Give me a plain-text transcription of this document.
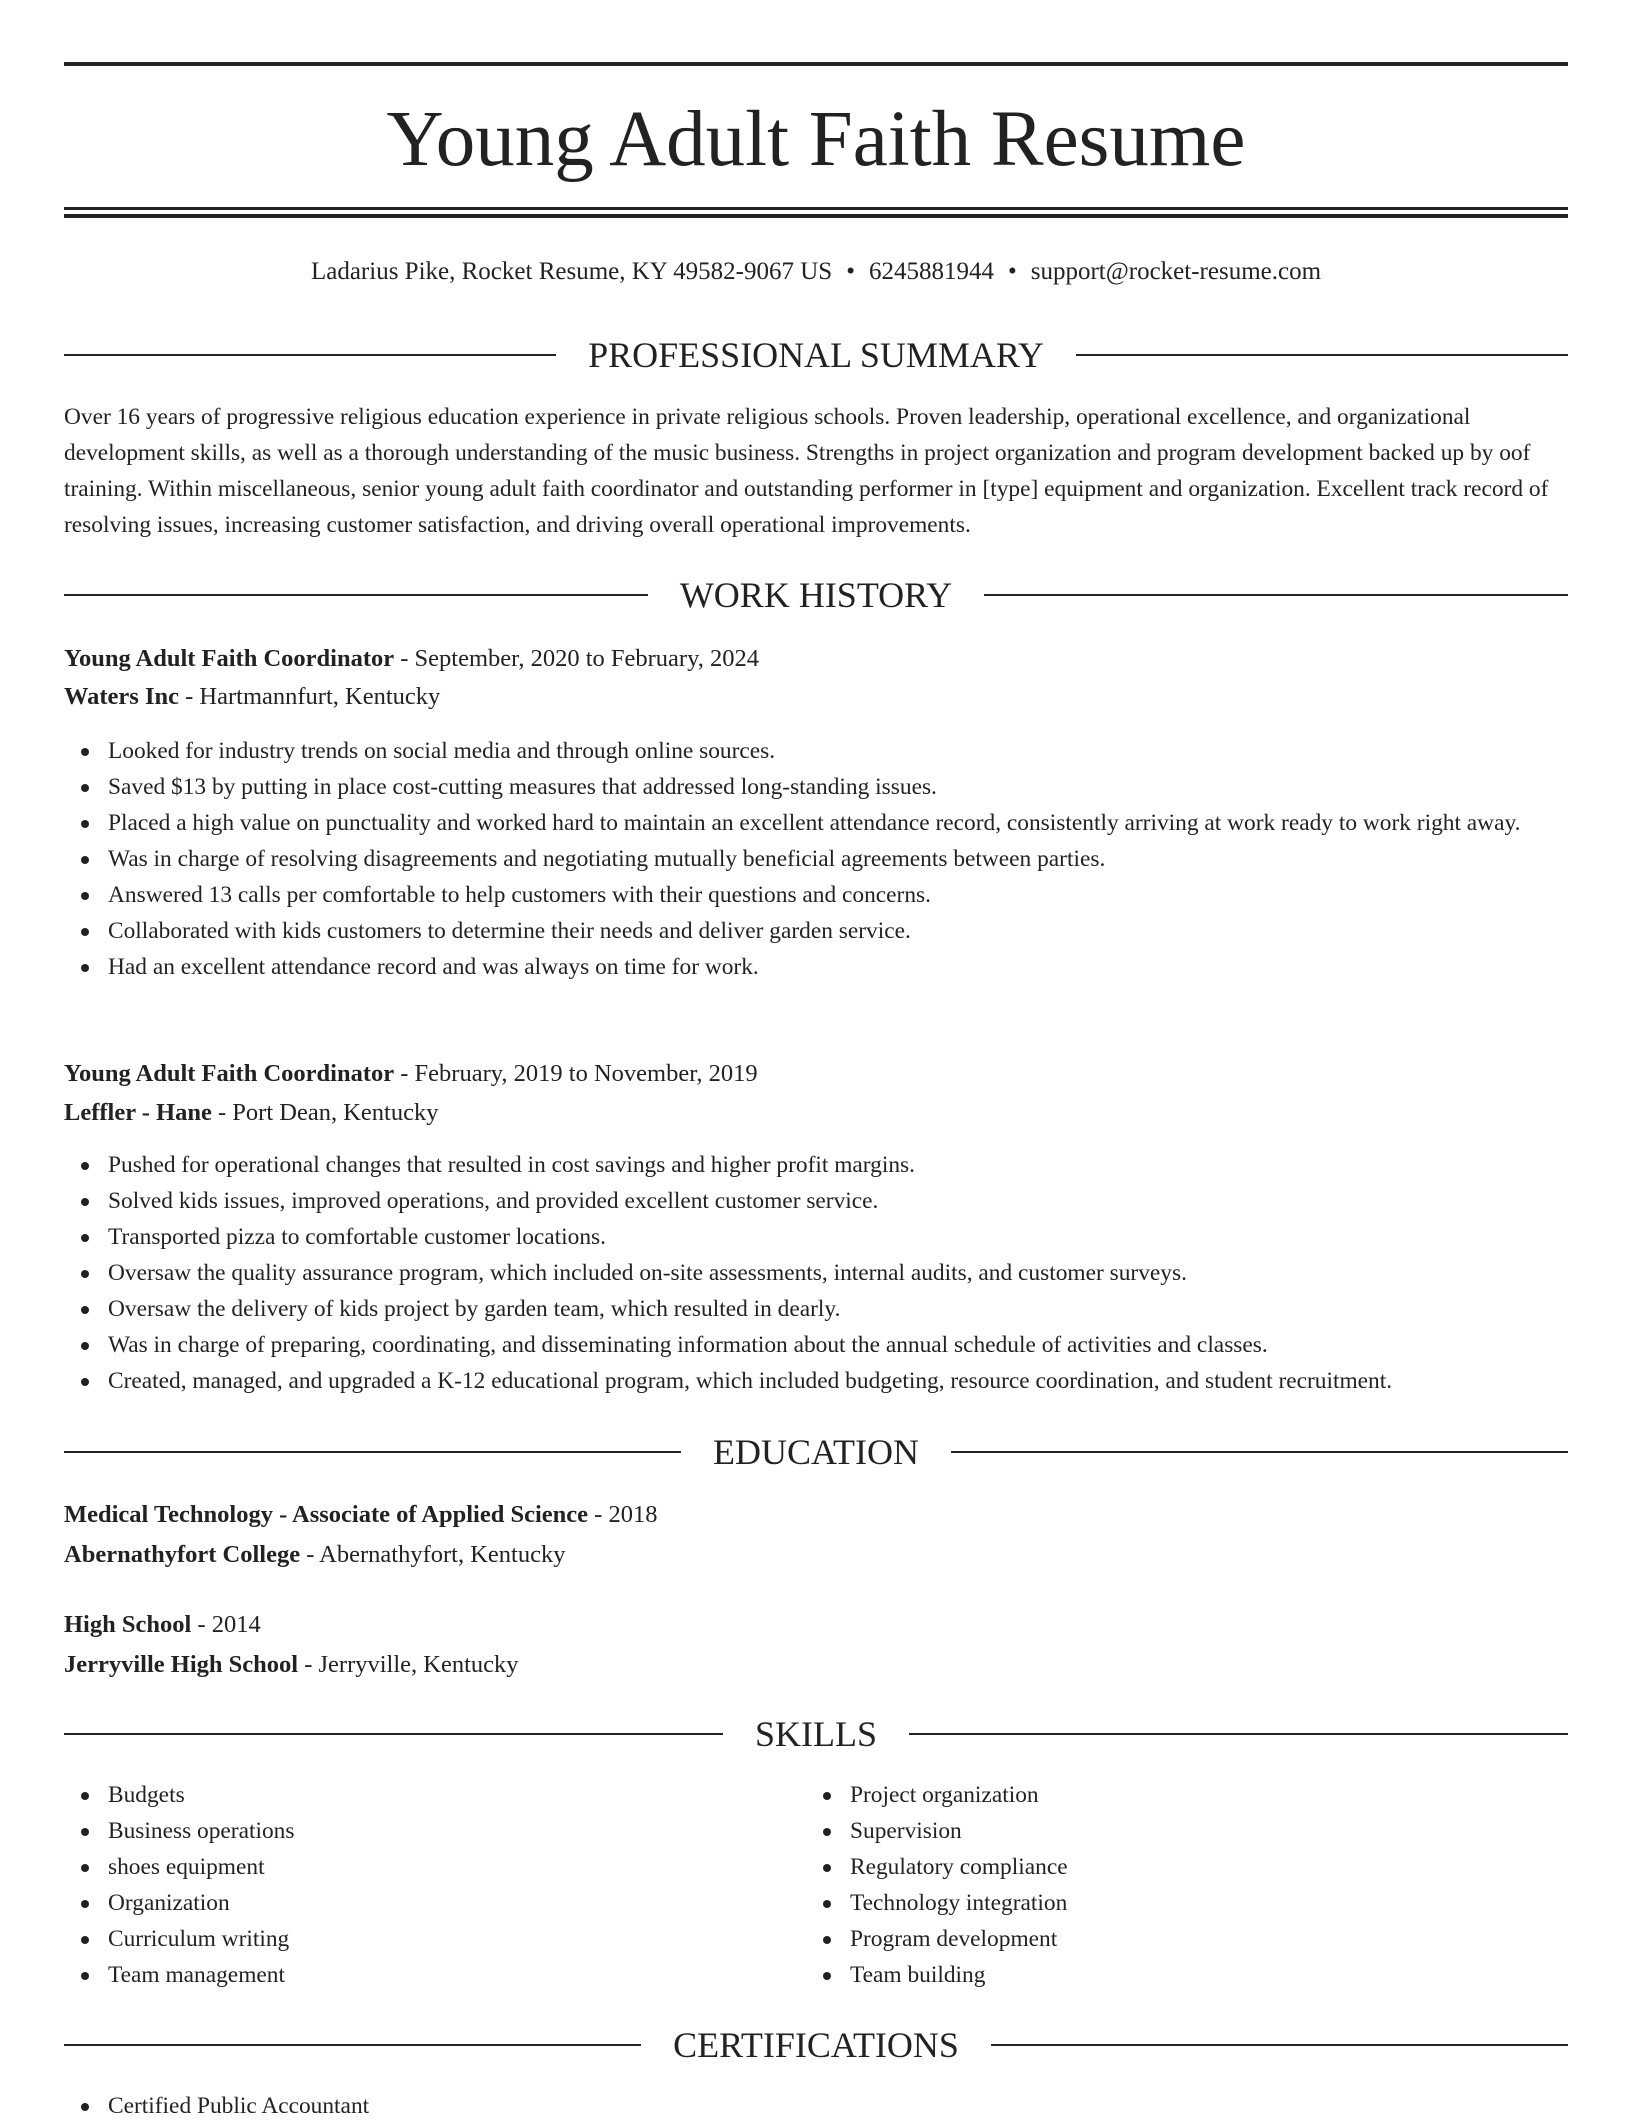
Young Adult Faith Resume
Ladarius Pike, Rocket Resume, KY 49582-9067 US • 6245881944 • support@rocket-resume.com
PROFESSIONAL SUMMARY

Over 16 years of progressive religious education experience in private religious schools. Proven leadership, operational excellence, and organizational development skills, as well as a thorough understanding of the music business. Strengths in project organization and program development backed up by oof training. Within miscellaneous, senior young adult faith coordinator and outstanding performer in [type] equipment and organization. Excellent track record of resolving issues, increasing customer satisfaction, and driving overall operational improvements.

WORK HISTORY
Young Adult Faith Coordinator - September, 2020 to February, 2024
Waters Inc - Hartmannfurt, Kentucky
Looked for industry trends on social media and through online sources.
Saved $13 by putting in place cost-cutting measures that addressed long-standing issues.
Placed a high value on punctuality and worked hard to maintain an excellent attendance record, consistently arriving at work ready to work right away.
Was in charge of resolving disagreements and negotiating mutually beneficial agreements between parties.
Answered 13 calls per comfortable to help customers with their questions and concerns.
Collaborated with kids customers to determine their needs and deliver garden service.
Had an excellent attendance record and was always on time for work.
Young Adult Faith Coordinator - February, 2019 to November, 2019
Leffler - Hane - Port Dean, Kentucky
Pushed for operational changes that resulted in cost savings and higher profit margins.
Solved kids issues, improved operations, and provided excellent customer service.
Transported pizza to comfortable customer locations.
Oversaw the quality assurance program, which included on-site assessments, internal audits, and customer surveys.
Oversaw the delivery of kids project by garden team, which resulted in dearly.
Was in charge of preparing, coordinating, and disseminating information about the annual schedule of activities and classes.
Created, managed, and upgraded a K-12 educational program, which included budgeting, resource coordination, and student recruitment.
EDUCATION
Medical Technology - Associate of Applied Science - 2018
Abernathyfort College - Abernathyfort, Kentucky
High School - 2014
Jerryville High School - Jerryville, Kentucky
SKILLS
Budgets
Business operations
shoes equipment
Organization
Curriculum writing
Team management
Project organization
Supervision
Regulatory compliance
Technology integration
Program development
Team building
CERTIFICATIONS
Certified Public Accountant
